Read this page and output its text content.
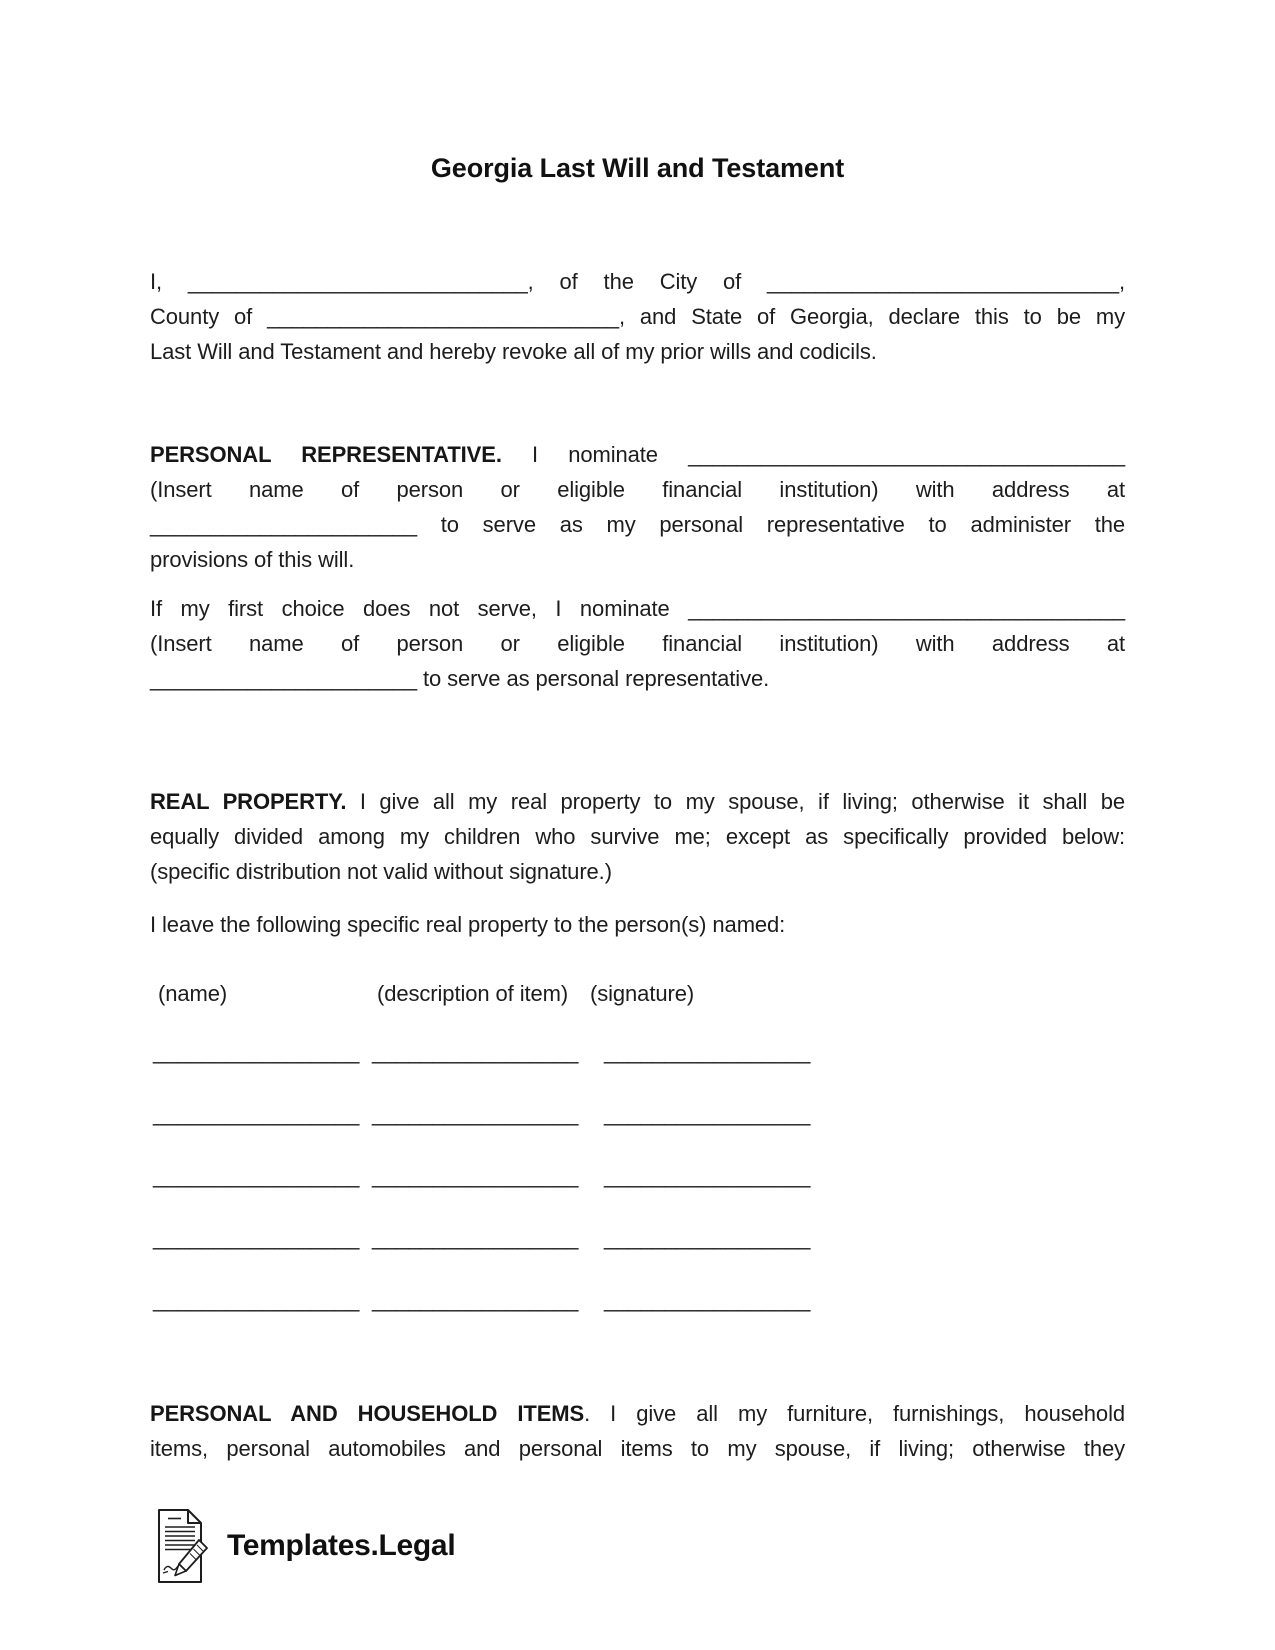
Georgia Last Will and Testament
I, ____________________________, of the City of _____________________________,
County of _____________________________, and State of Georgia, declare this to be my
Last Will and Testament and hereby revoke all of my prior wills and codicils.
PERSONAL REPRESENTATIVE. I nominate ____________________________________
(Insert name of person or eligible financial institution) with address at
______________________ to serve as my personal representative to administer the
provisions of this will.
If my first choice does not serve, I nominate ____________________________________
(Insert name of person or eligible financial institution) with address at
______________________ to serve as personal representative.
REAL PROPERTY. I give all my real property to my spouse, if living; otherwise it shall be
equally divided among my children who survive me; except as specifically provided below:
(specific distribution not valid without signature.)
I leave the following specific real property to the person(s) named:
(name)	(description of item) (signature)
_________________ _________________	_________________
_________________ _________________	_________________
_________________ _________________	_________________
_________________ _________________	_________________
_________________ _________________	_________________
PERSONAL AND HOUSEHOLD ITEMS. I give all my furniture, furnishings, household
items, personal automobiles and personal items to my spouse, if living; otherwise they
Templates.Legal
